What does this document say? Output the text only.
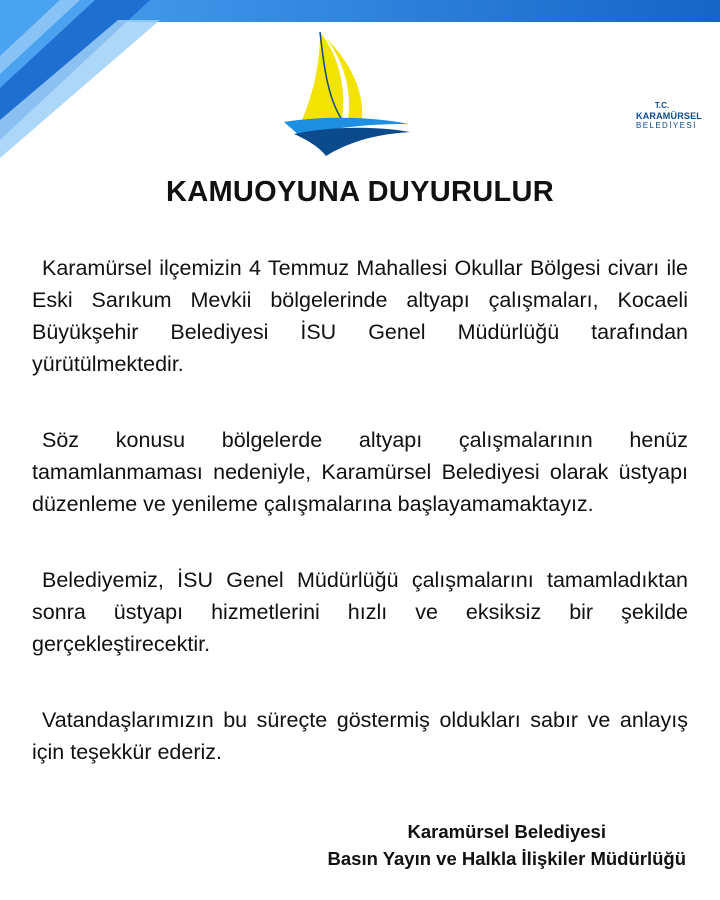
T.C.
KARAMÜRSEL
BELEDİYESİ
KAMUOYUNA DUYURULUR

Karamürsel ilçemizin 4 Temmuz Mahallesi Okullar Bölgesi civarı ile Eski Sarıkum Mevkii bölgelerinde altyapı çalışmaları, Kocaeli Büyükşehir Belediyesi İSU Genel Müdürlüğü tarafından yürütülmektedir.

Söz konusu bölgelerde altyapı çalışmalarının henüz tamamlanmaması nedeniyle, Karamürsel Belediyesi olarak üstyapı düzenleme ve yenileme çalışmalarına başlayamamaktayız.

Belediyemiz, İSU Genel Müdürlüğü çalışmalarını tamamladıktan sonra üstyapı hizmetlerini hızlı ve eksiksiz bir şekilde gerçekleştirecektir.

Vatandaşlarımızın bu süreçte göstermiş oldukları sabır ve anlayış için teşekkür ederiz.

Karamürsel Belediyesi
Basın Yayın ve Halkla İlişkiler Müdürlüğü
